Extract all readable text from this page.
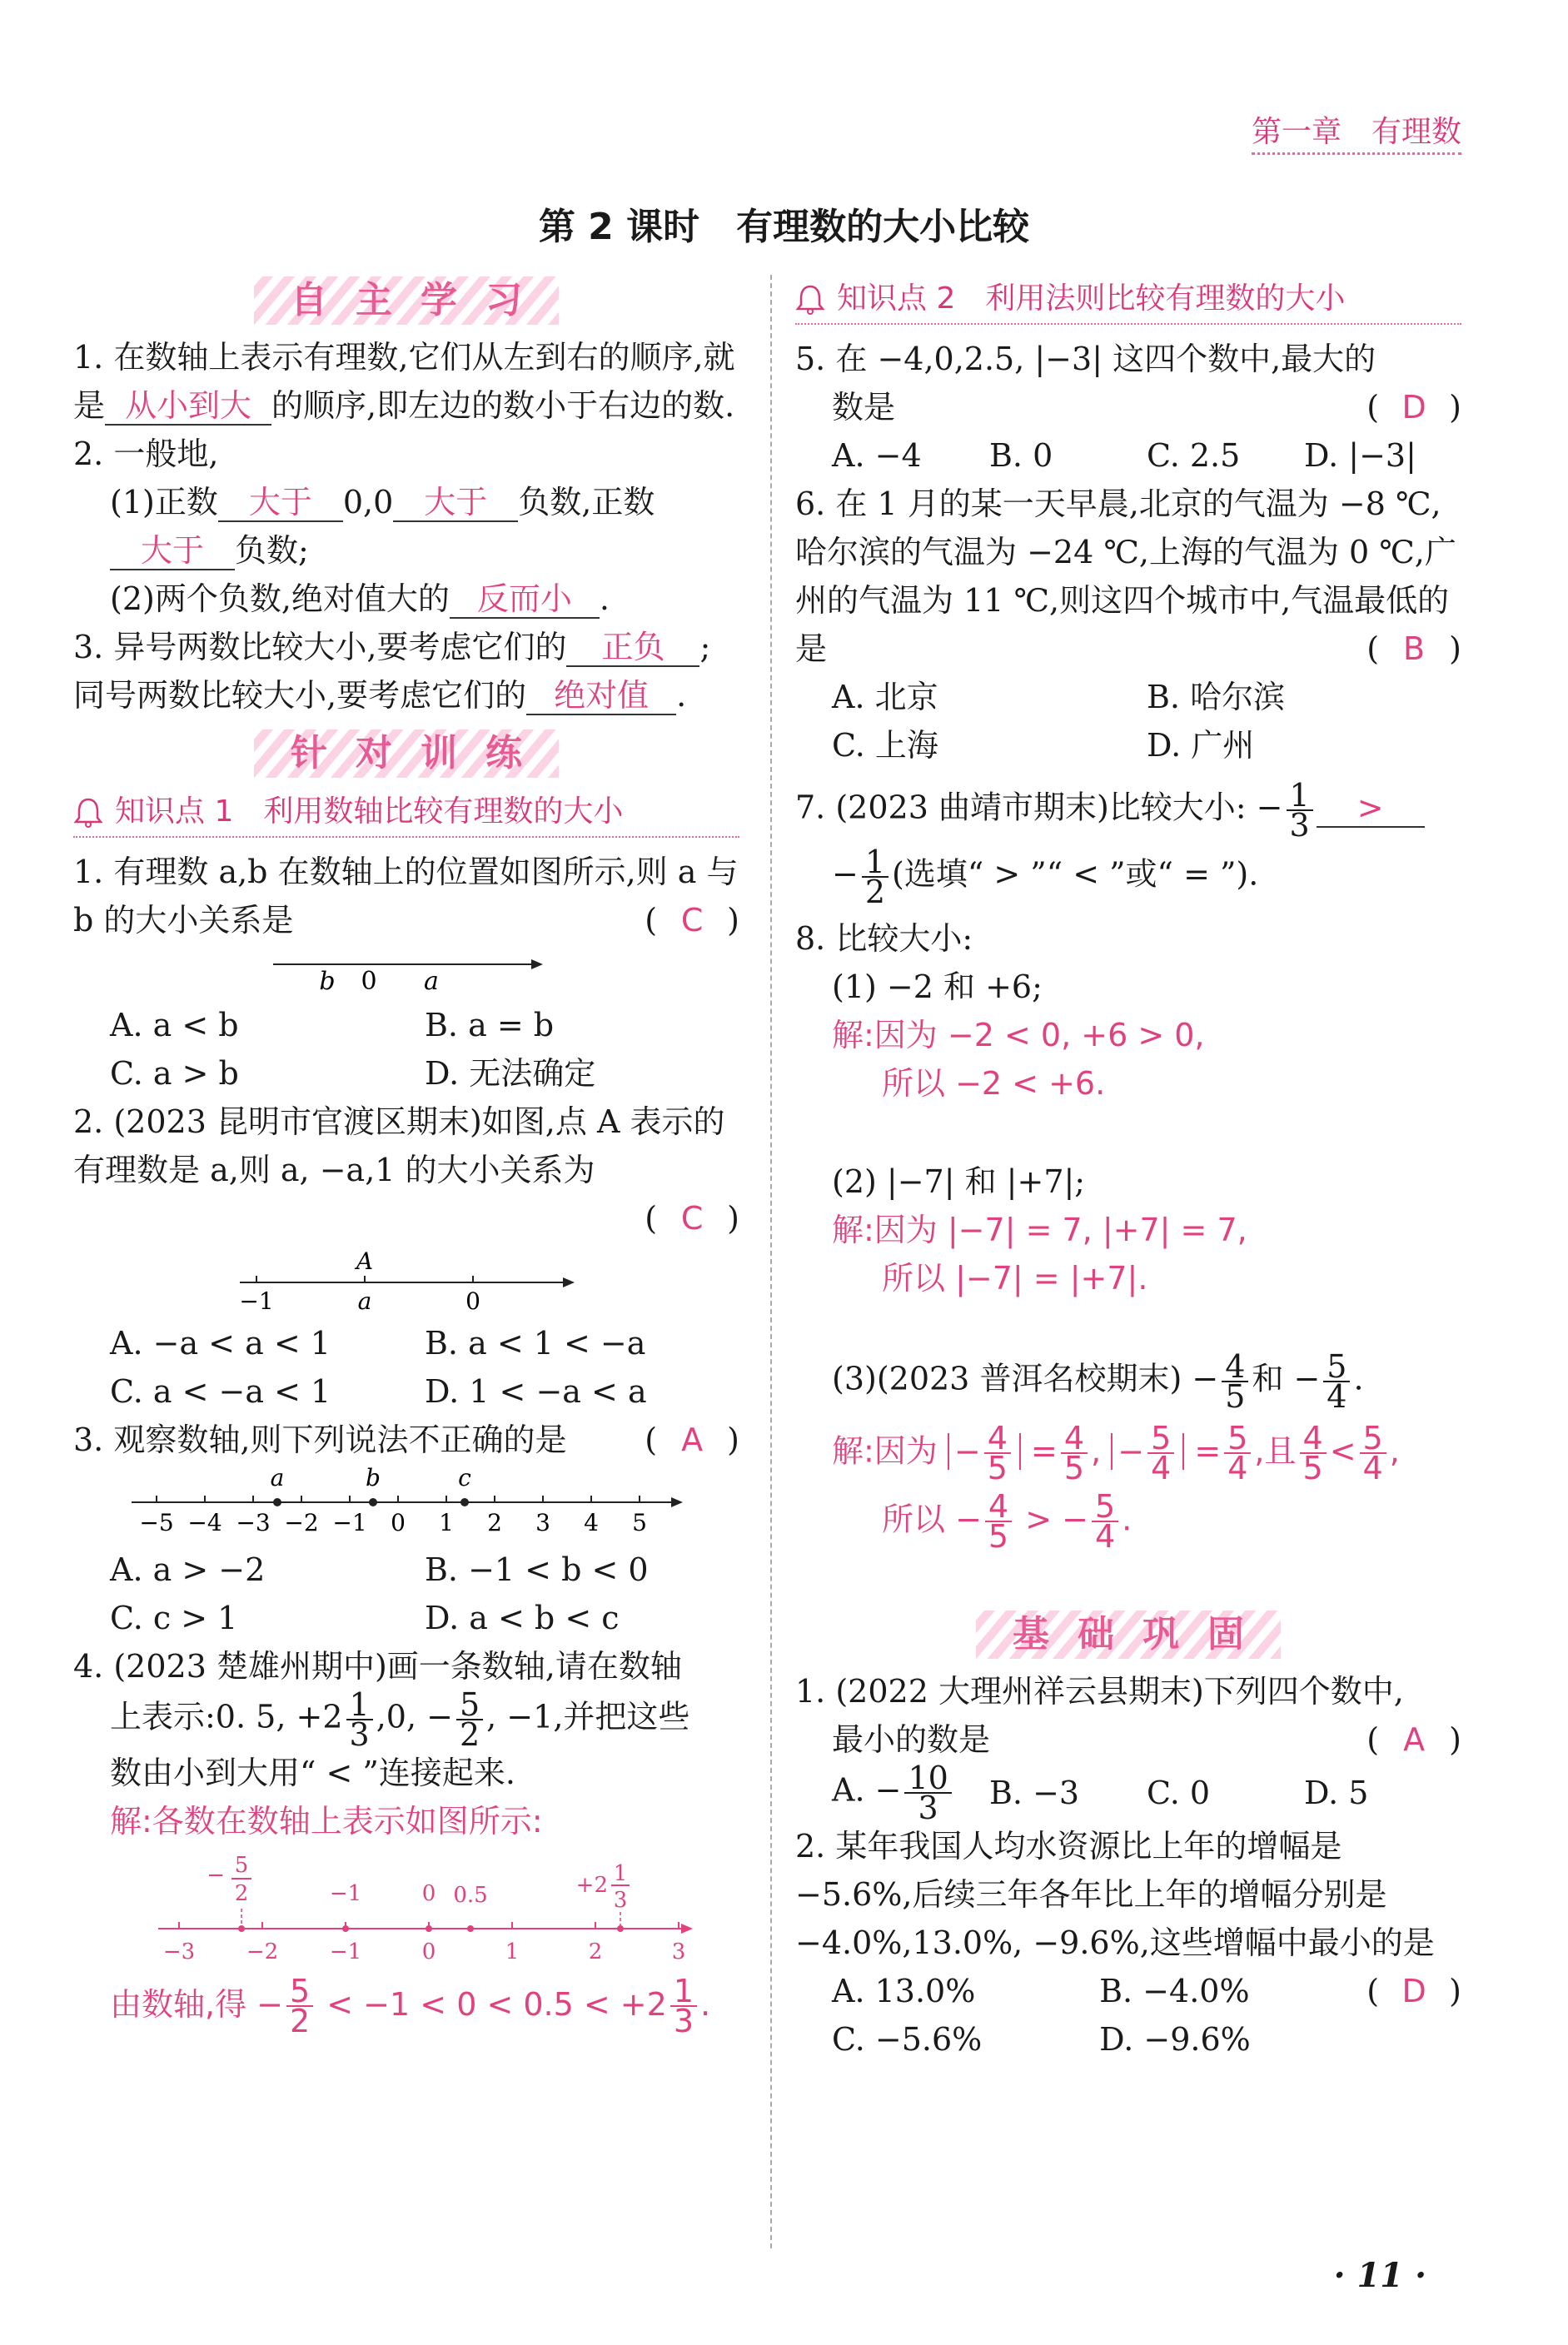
第一章　有理数
第 2 课时　有理数的大小比较
自主学习
1. 在数轴上表示有理数,它们从左到右的顺序,就是 从小到大 的顺序,即左边的数小于右边的数.
2. 一般地,

(1)正数 大于 0,0 大于 负数,正数
大于 负数;
(2)两个负数,绝对值大的 反而小 .
3. 异号两数比较大小,要考虑它们的 正负 ;
同号两数比较大小,要考虑它们的 绝对值 .
针对训练
知识点 1　利用数轴比较有理数的大小
1. 有理数 a,b 在数轴上的位置如图所示,则 a 与 b 的大小关系是	( C )
b 0 a
A. a < b	B. a = b
C. a > b	D. 无法确定
2. (2023 昆明市官渡区期末)如图,点 A 表示的有理数是 a,则 a, −a,1 的大小关系为
( C )
A
−1	a	0
A. −a < a < 1	B. a < 1 < −a
C. a < −a < 1	D. 1 < −a < a
3. 观察数轴,则下列说法不正确的是 ( A )
−5 −4 −3 −2 −1 0 1 2 3 4 5
a	b	c
A. a > −2	B. −1 < b < 0
C. c > 1	D. a < b < c
4. (2023 楚雄州期中)画一条数轴,请在数轴

上表示:0. 5, $+2 \frac{1}{3} ,0$, − $\frac{5}{2}$ , −1,并把这些
数由小到大用“ < ”连接起来.
解:各数在数轴上表示如图所示:
− 5
2	−1	0 0.5	+2 1
3
−3 −2 −1	0	1	2	3
由数轴,得 − $\frac{5}{2} < -1 < 0 < 0.5 < +2 \frac{1}{3}$ .
知识点 2　利用法则比较有理数的大小
5. 在 −4,0,2.5, |−3| 这四个数中,最大的
数是	( D )
A. −4	B. 0	C. 2.5	D. |−3|
6. 在 1 月的某一天早晨,北京的气温为 −8 ℃,哈尔滨的气温为 −24 ℃,上海的气温为 0 ℃,广州的气温为 11 ℃,则这四个城市中,气温最低的是	( B )
A. 北京	B. 哈尔滨
C. 上海	D. 广州
7. (2023 曲靖市期末)比较大小: − $\frac{1}{3}$ >

− $\frac{1}{2}$ (选填“ > ”“ < ”或“ = ”).
8. 比较大小:
(1) −2 和 +6;
解:因为 −2 < 0, +6 > 0,
所以 −2 < +6.
(2) |−7| 和 |+7|;
解:因为 |−7| = 7, |+7| = 7,
所以 |−7| = |+7|.
(3)(2023 普洱名校期末) − $\frac{4}{5}$ 和 − $\frac{5}{4}$ .
解:因为 − $\frac{4}{5} = \frac{4}{5}$ , − $\frac{5}{4} = \frac{5}{4}$ ,且 $\frac{4}{5} < \frac{5}{4}$ ,
所以 − $\frac{4}{5}$ > − $\frac{5}{4}$ .
基础巩固
1. (2022 大理州祥云县期末)下列四个数中,
最小的数是	( A )
A. − $\frac{10}{3} B$. −3	C. 0	D. 5
2. 某年我国人均水资源比上年的增幅是 −5.6%,后续三年各年比上年的增幅分别是 −4.0%,13.0%, −9.6%,这些增幅中最小的是
( D )
A. 13.0%	B. −4.0%
C. −5.6%	D. −9.6%
· 11 ·
